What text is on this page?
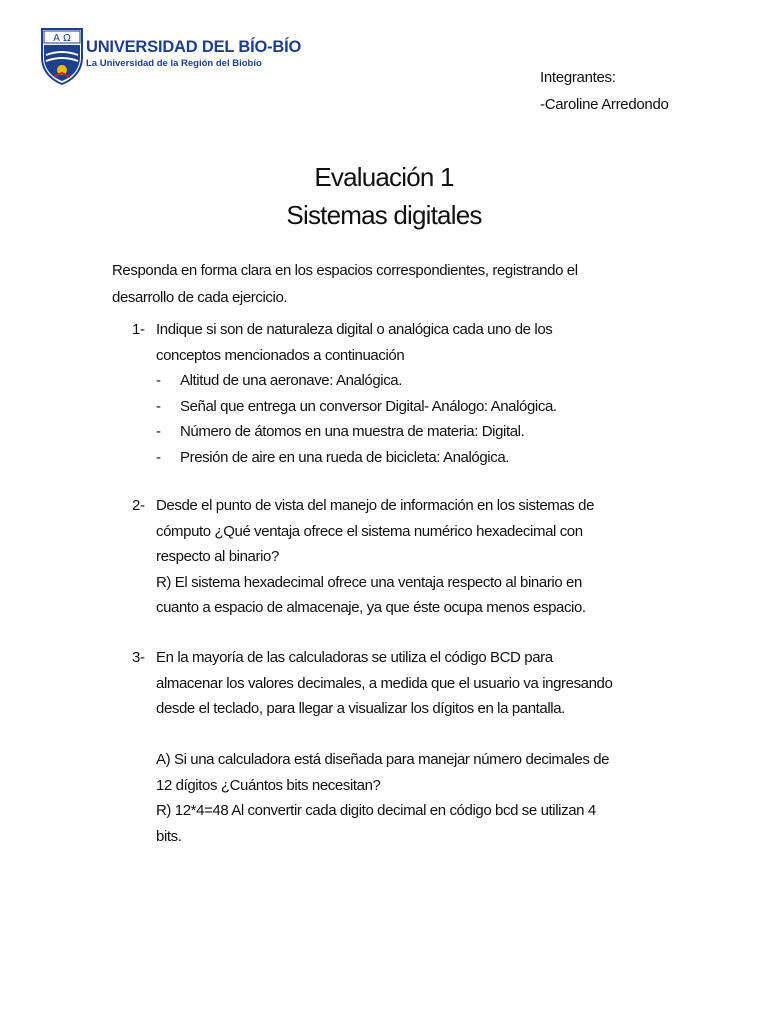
A Ω UNIVERSIDAD DEL BÍO-BÍO
La Universidad de la Región del Biobío
Integrantes:
-Caroline Arredondo
Evaluación 1
Sistemas digitales
Responda en forma clara en los espacios correspondientes, registrando el
desarrollo de cada ejercicio.
1- Indique si son de naturaleza digital o analógica cada uno de los
conceptos mencionados a continuación
- Altitud de una aeronave: Analógica.
- Señal que entrega un conversor Digital- Análogo: Analógica.
- Número de átomos en una muestra de materia: Digital.
- Presión de aire en una rueda de bicicleta: Analógica.
2- Desde el punto de vista del manejo de información en los sistemas de
cómputo ¿Qué ventaja ofrece el sistema numérico hexadecimal con
respecto al binario?
R) El sistema hexadecimal ofrece una ventaja respecto al binario en
cuanto a espacio de almacenaje, ya que éste ocupa menos espacio.
3- En la mayoría de las calculadoras se utiliza el código BCD para
almacenar los valores decimales, a medida que el usuario va ingresando
desde el teclado, para llegar a visualizar los dígitos en la pantalla.
A) Si una calculadora está diseñada para manejar número decimales de
12 dígitos ¿Cuántos bits necesitan?
R) 12*4=48 Al convertir cada digito decimal en código bcd se utilizan 4
bits.
